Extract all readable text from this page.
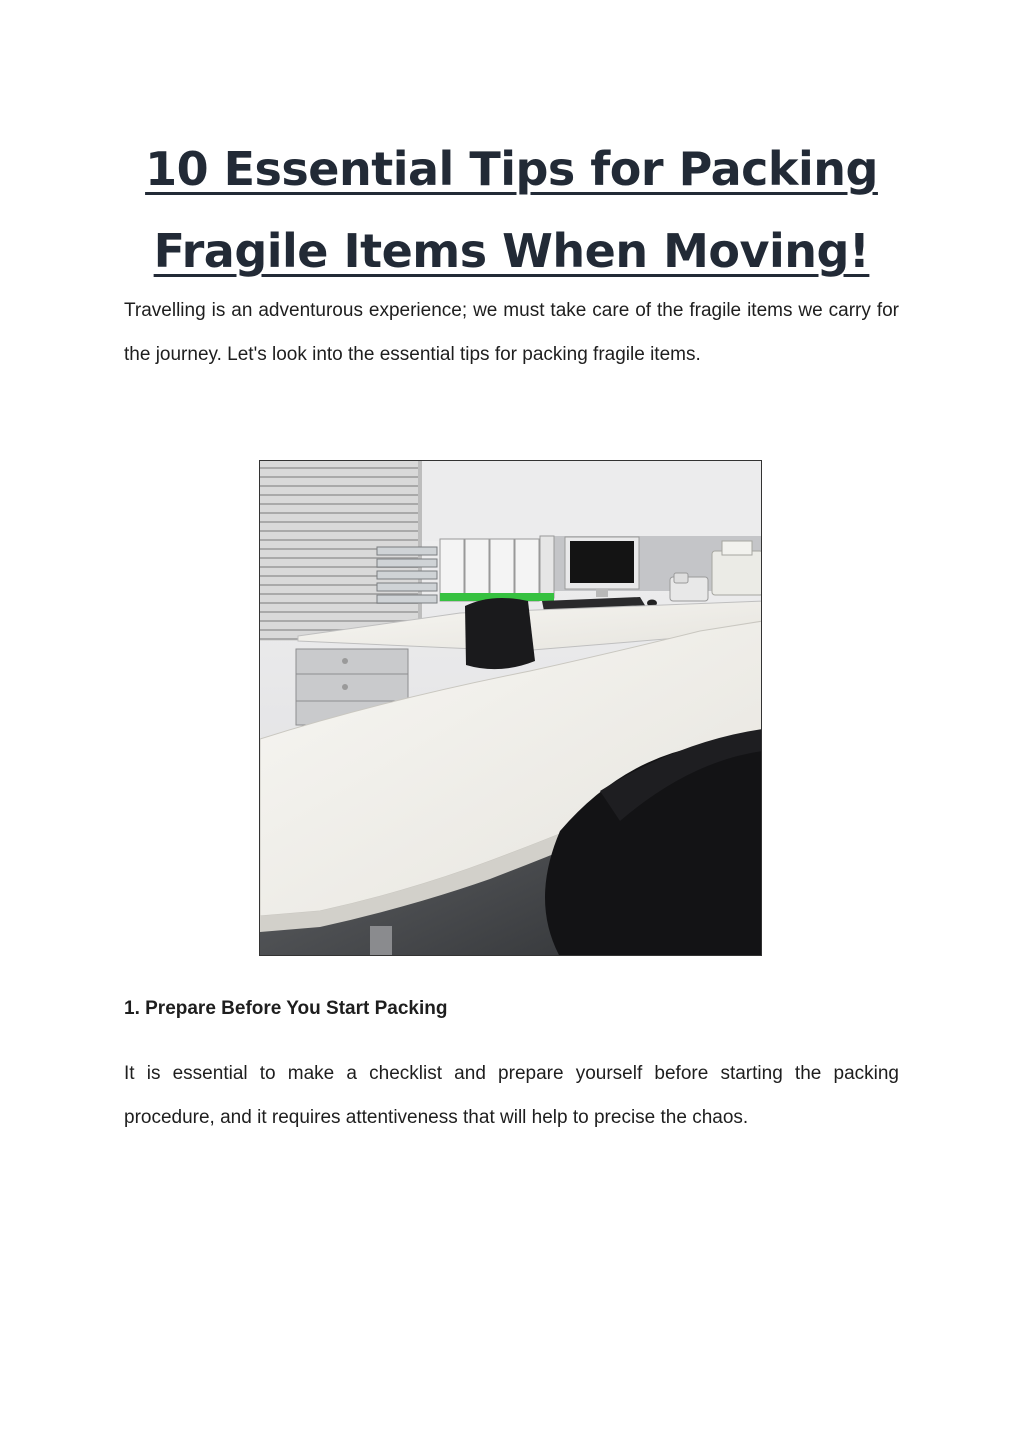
10 Essential Tips for Packing
Fragile Items When Moving!

Travelling is an adventurous experience; we must take care of the fragile items we carry for the journey. Let's look into the essential tips for packing fragile items.

1. Prepare Before You Start Packing

It is essential to make a checklist and prepare yourself before starting the packing procedure, and it requires attentiveness that will help to precise the chaos.
